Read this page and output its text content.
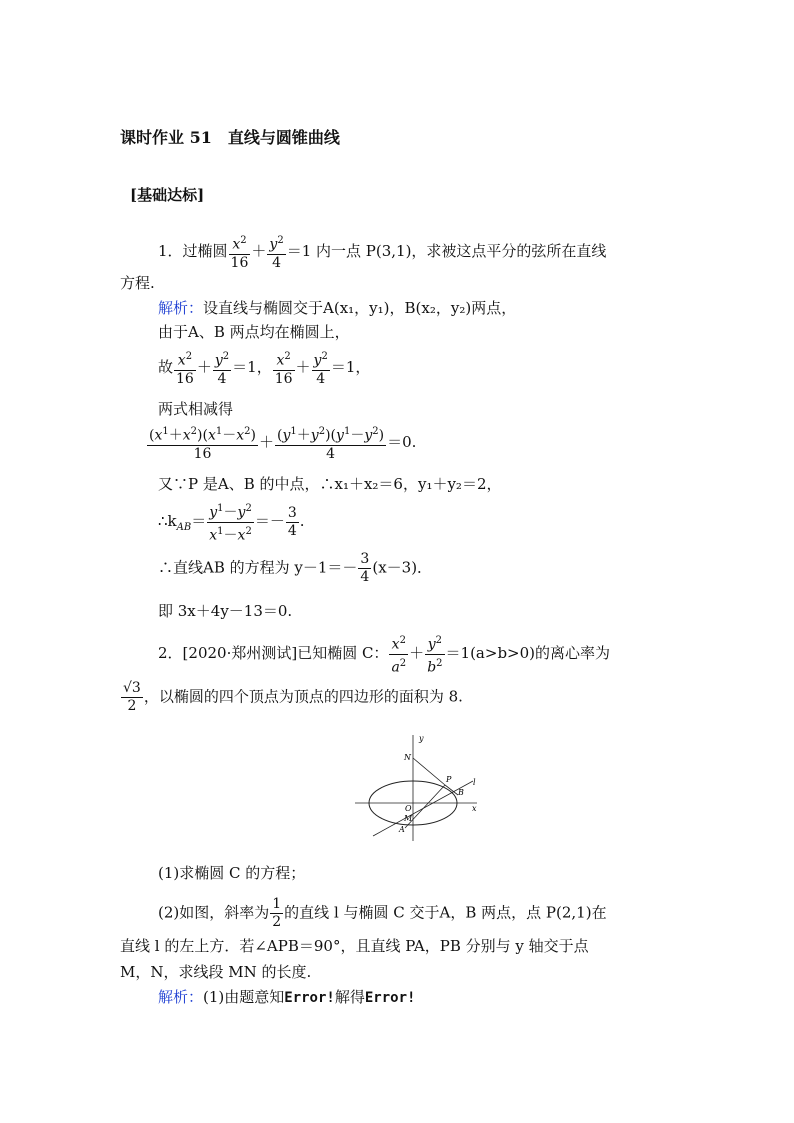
课时作业 51　直线与圆锥曲线
[基础达标]
1．过椭圆 $\frac{x^2}{16} + \frac{y^2}{4} =1$ 内一点 P(3,1)，求被这点平分的弦所在直线
方程.
解析：设直线与椭圆交于A(x₁，y₁)，B(x₂，y₂)两点，
由于A、B 两点均在椭圆上，
故 $\frac{x^2}{16} + \frac{y^2}{4} =1$， $\frac{x^2}{16} + \frac{y^2}{4} =1$，
两式相减得
$\frac{(x^1+x^2)(x^1-x^2)}{16} + \frac{(y^1+y^2)(y^1-y^2)}{4} =0$.
又∵P 是A、B 的中点，∴x₁＋x₂＝6，y₁＋y₂＝2，
$\therefore k_{AB}= \frac{y^1-y^2}{x^1-x^2} =- \frac{3}{4}$ .
∴直线AB 的方程为 $y-1=- \frac{3}{4} (x-3)$．
即 3x＋4y－13＝0.
2．[2020·郑州测试]已知椭圆 C： $\frac{x^2}{a^2} + \frac{y^2}{b^2} =1(a>b>0)$的离心率为
$\frac{√3}{2}$ ，以椭圆的四个顶点为顶点的四边形的面积为 8.
y
N
P	l
B
x
O
M
A
(1)求椭圆 C 的方程；
(2)如图，斜率为 $\frac{1}{2}$ 的直线 l 与椭圆 C 交于A，B 两点，点 P(2,1)在
直线 l 的左上方．若∠APB＝90°，且直线 PA，PB 分别与 y 轴交于点
M，N，求线段 MN 的长度.
解析：(1)由题意知Error!解得Error!
